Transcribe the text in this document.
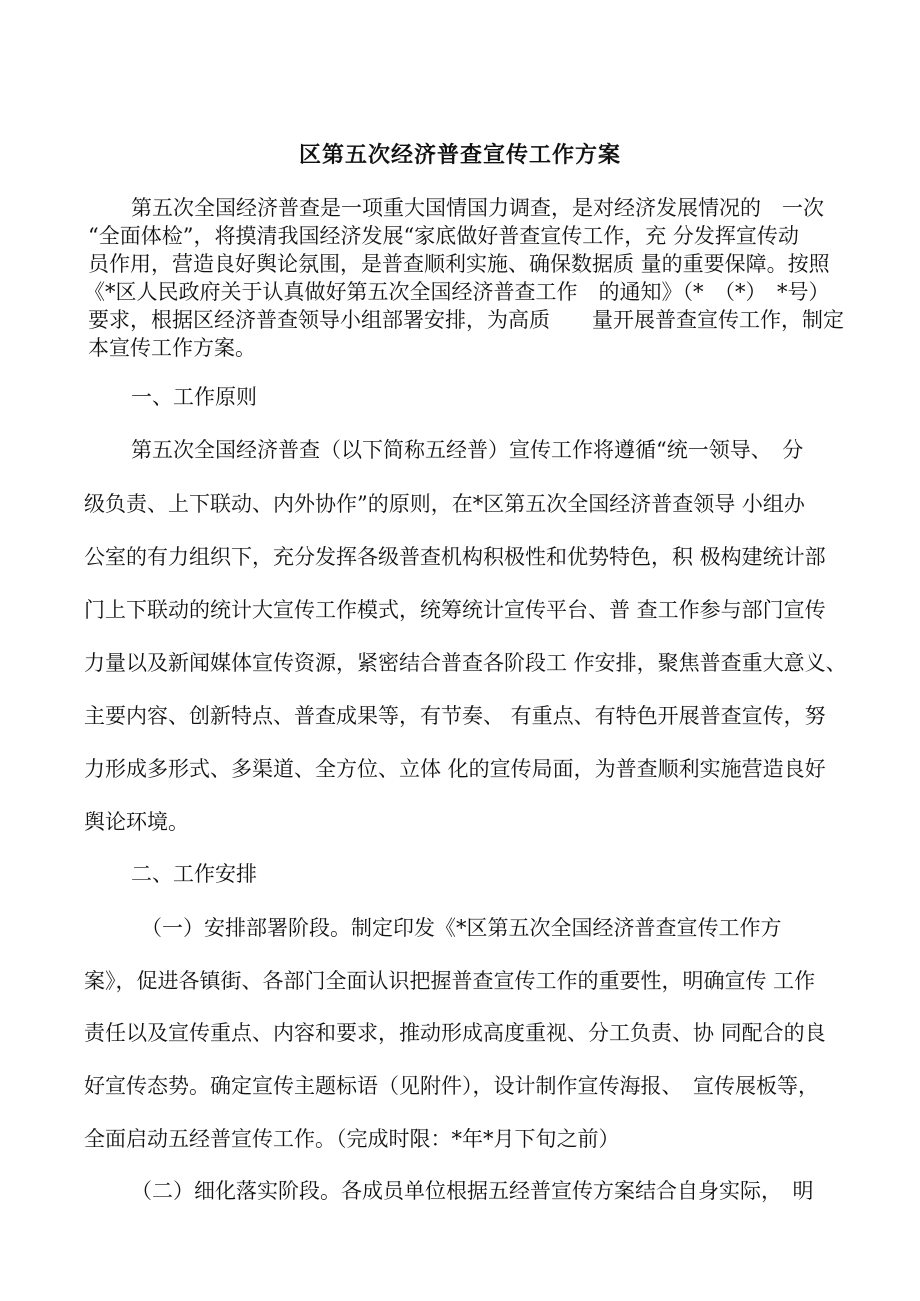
区第五次经济普查宣传工作方案
第五次全国经济普查是一项重大国情国力调查，是对经济发展情况的　一次
“全面体检”，将摸清我国经济发展“家底做好普查宣传工作，充 分发挥宣传动
员作用，营造良好舆论氛围，是普查顺利实施、确保数据质 量的重要保障。按照
《*区人民政府关于认真做好第五次全国经济普查工作　的通知》（*　（*）　*号）
要求，根据区经济普查领导小组部署安排，为高质　　量开展普查宣传工作，制定
本宣传工作方案。
一、工作原则
第五次全国经济普查（以下简称五经普）宣传工作将遵循“统一领导、　分
级负责、上下联动、内外协作”的原则，在*区第五次全国经济普查领导 小组办
公室的有力组织下，充分发挥各级普查机构积极性和优势特色，积 极构建统计部
门上下联动的统计大宣传工作模式，统筹统计宣传平台、普 查工作参与部门宣传
力量以及新闻媒体宣传资源，紧密结合普查各阶段工 作安排，聚焦普查重大意义、
主要内容、创新特点、普查成果等，有节奏、 有重点、有特色开展普查宣传，努
力形成多形式、多渠道、全方位、立体 化的宣传局面，为普查顺利实施营造良好
舆论环境。
二、工作安排
（一）安排部署阶段。制定印发《*区第五次全国经济普查宣传工作方
案》，促进各镇街、各部门全面认识把握普查宣传工作的重要性，明确宣传 工作
责任以及宣传重点、内容和要求，推动形成高度重视、分工负责、协 同配合的良
好宣传态势。确定宣传主题标语（见附件），设计制作宣传海报、　宣传展板等，
全面启动五经普宣传工作。（完成时限：*年*月下旬之前）
（二）细化落实阶段。各成员单位根据五经普宣传方案结合自身实际，　明
